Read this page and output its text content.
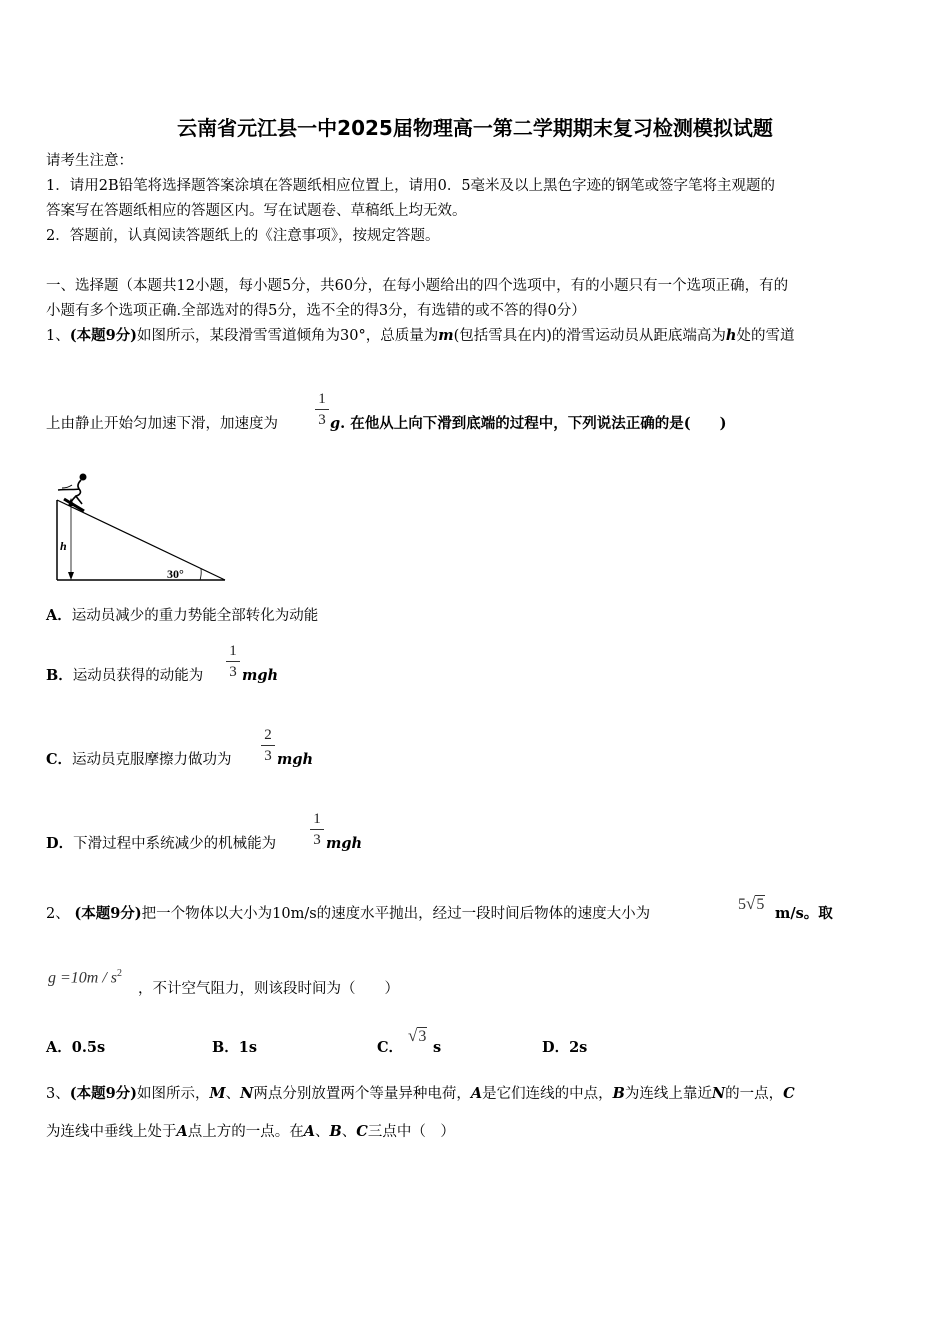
云南省元江县一中2025届物理高一第二学期期末复习检测模拟试题
请考生注意：
1．请用2B铅笔将选择题答案涂填在答题纸相应位置上，请用0．5毫米及以上黑色字迹的钢笔或签字笔将主观题的
答案写在答题纸相应的答题区内。写在试题卷、草稿纸上均无效。
2．答题前，认真阅读答题纸上的《注意事项》，按规定答题。
一、选择题（本题共12小题，每小题5分，共60分，在每小题给出的四个选项中，有的小题只有一个选项正确，有的
小题有多个选项正确.全部选对的得5分，选不全的得3分，有选错的或不答的得0分）
1、(本题9分)如图所示，某段滑雪雪道倾角为30°，总质量为m(包括雪具在内)的滑雪运动员从距底端高为h处的雪道
上由静止开始匀加速下滑，加速度为
1
3 g. 在他从上向下滑到底端的过程中，下列说法正确的是(　　)
h
30°
A．运动员减少的重力势能全部转化为动能
B．运动员获得的动能为
1
3 mgh
C．运动员克服摩擦力做功为
2
3 mgh
D．下滑过程中系统减少的机械能为
1
3 mgh
2、 (本题9分)把一个物体以大小为10m/s的速度水平抛出，经过一段时间后物体的速度大小为
5√5
m/s。取
$g =10m / s^2$
，不计空气阻力，则该段时间为（　　）
A．0.5s	B．1s	C．
√3
s	D．2s
3、(本题9分)如图所示，M、N两点分别放置两个等量异种电荷，A是它们连线的中点，B为连线上靠近N的一点，C
为连线中垂线上处于A点上方的一点。在A、B、C三点中（　）
